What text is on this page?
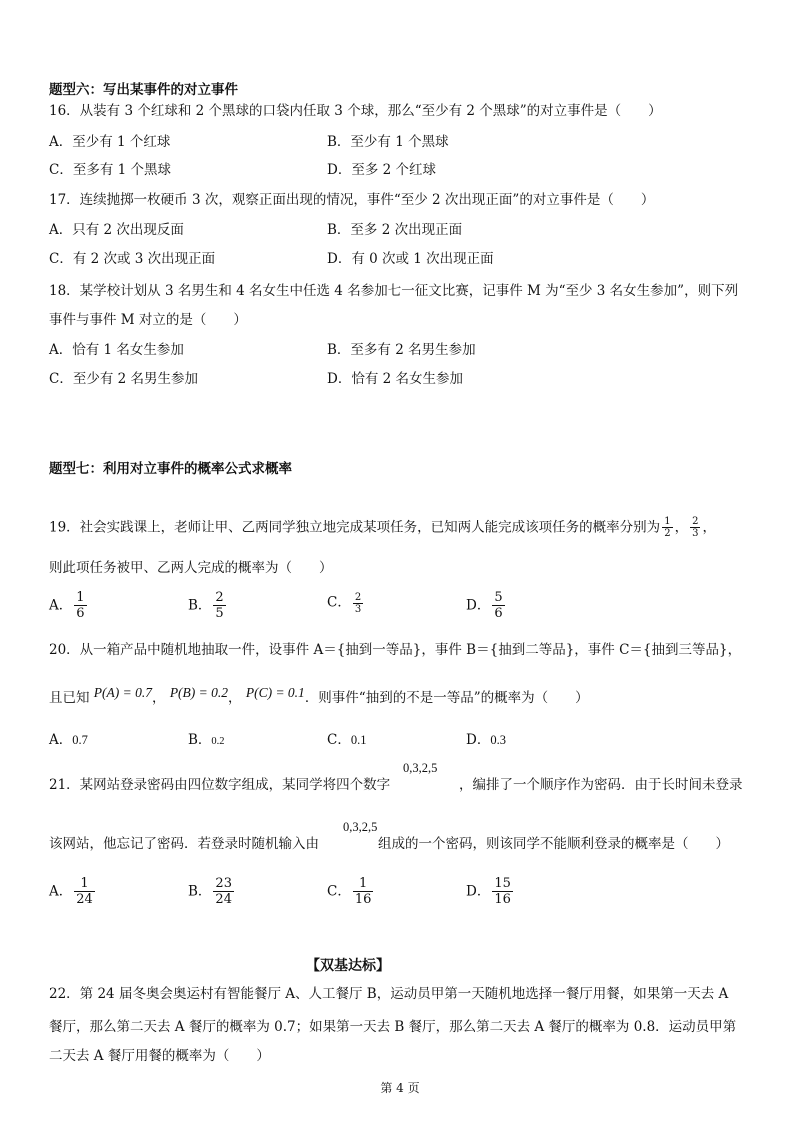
题型六：写出某事件的对立事件
16．从装有 3 个红球和 2 个黑球的口袋内任取 3 个球，那么“至少有 2 个黑球”的对立事件是（　　）
A．至少有 1 个红球	B．至少有 1 个黑球
C．至多有 1 个黑球	D．至多 2 个红球
17．连续抛掷一枚硬币 3 次，观察正面出现的情况，事件“至少 2 次出现正面”的对立事件是（　　）
A．只有 2 次出现反面	B．至多 2 次出现正面
C．有 2 次或 3 次出现正面	D．有 0 次或 1 次出现正面
18．某学校计划从 3 名男生和 4 名女生中任选 4 名参加七一征文比赛，记事件 M 为“至少 3 名女生参加”，则下列
事件与事件 M 对立的是（　　）
A．恰有 1 名女生参加	B．至多有 2 名男生参加
C．至少有 2 名男生参加	D．恰有 2 名女生参加
题型七：利用对立事件的概率公式求概率
19．社会实践课上，老师让甲、乙两同学独立地完成某项任务，已知两人能完成该项任务的概率分别为 $\frac{1}{2}$ ， $\frac{2}{3}$ ，
则此项任务被甲、乙两人完成的概率为（　　）
A． $\frac{1}{6}$	B． $\frac{2}{5}$	C． $\frac{2}{3}$	D． $\frac{5}{6}$
20．从一箱产品中随机地抽取一件，设事件 A＝{抽到一等品}，事件 B＝{抽到二等品}，事件 C＝{抽到三等品}，
且已知 P(A) = 0.7， P(B) = 0.2， P(C) = 0.1．则事件“抽到的不是一等品”的概率为（　　）
A．0.7	B．0.2	C．0.1	D．0.3
0,3,2,5
21．某网站登录密码由四位数字组成，某同学将四个数字	，编排了一个顺序作为密码．由于长时间未登录
0,3,2,5
该网站，他忘记了密码．若登录时随机输入由	组成的一个密码，则该同学不能顺利登录的概率是（　　）
A． $\frac{1}{24}$	B． $\frac{23}{24}$	C． $\frac{1}{16}$	D． $\frac{15}{16}$
【双基达标】
22．第 24 届冬奥会奥运村有智能餐厅 A、人工餐厅 B，运动员甲第一天随机地选择一餐厅用餐，如果第一天去 A
餐厅，那么第二天去 A 餐厅的概率为 0.7；如果第一天去 B 餐厅，那么第二天去 A 餐厅的概率为 0.8．运动员甲第
二天去 A 餐厅用餐的概率为（　　）
第 4 页
